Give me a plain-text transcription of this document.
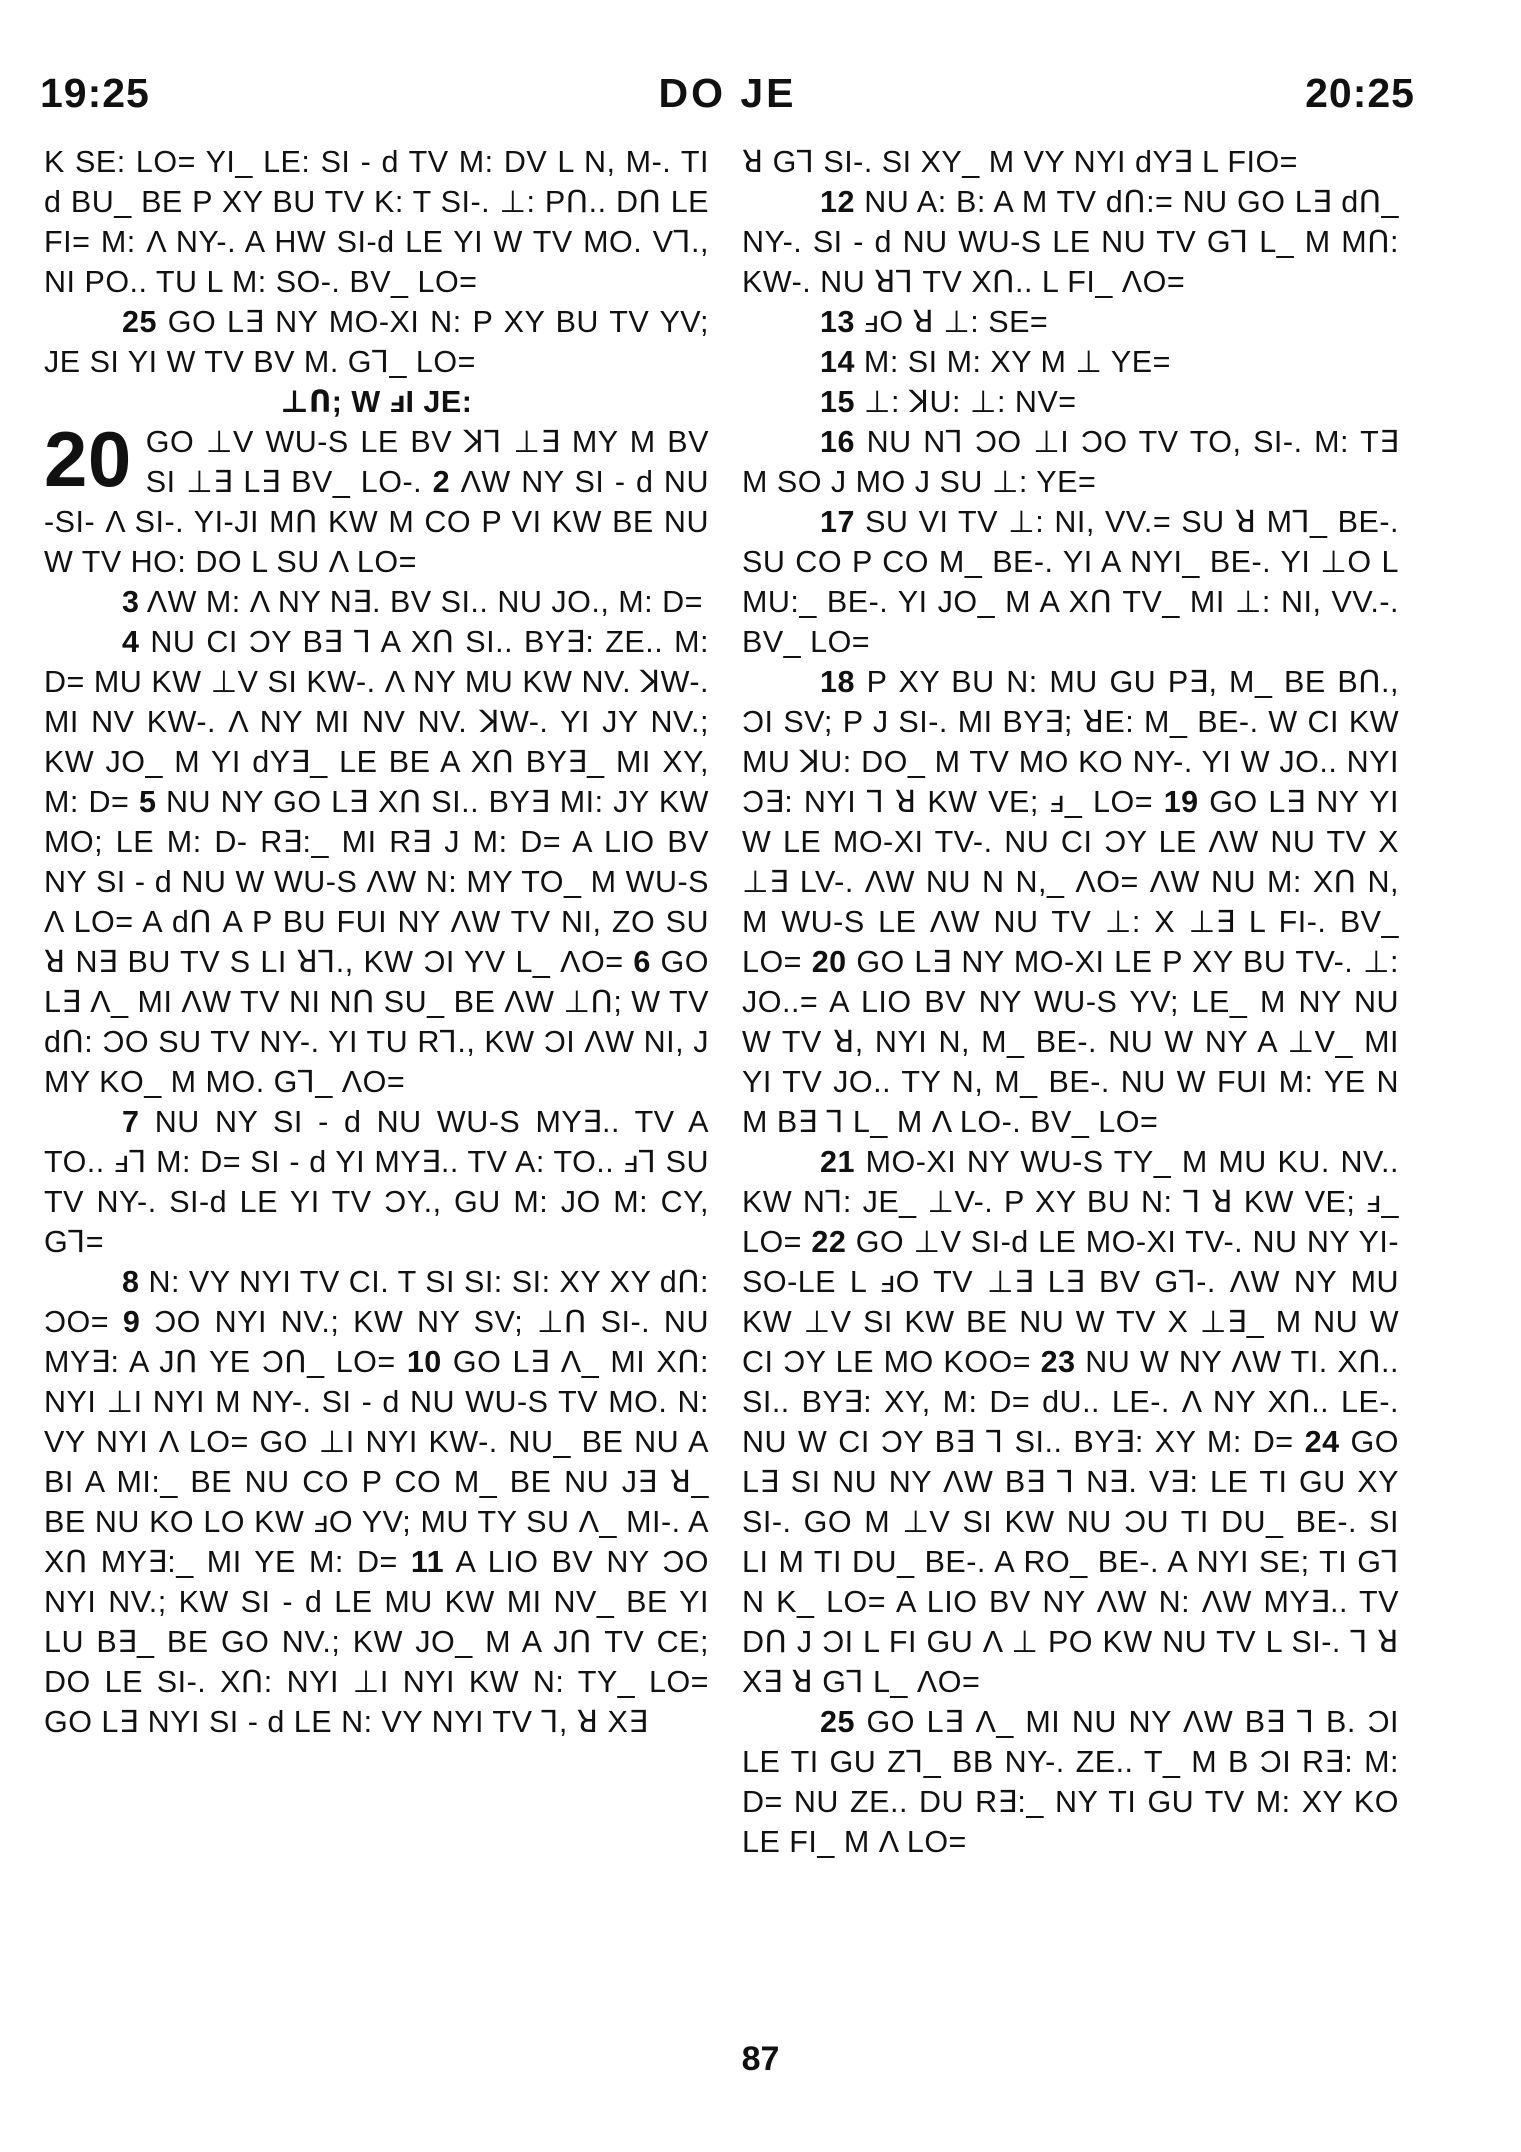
19:25	DO JE	20:25

K SE: LO= YI_ LE: SI - d TV M: DV L N, M-. TI d BU_ BE P XY BU TV K: T SI-. ⊥: PՈ.. DՈ LE FI= M: Λ NY-. A HW SI-d LE YI W TV MO. V⅂., NI PO.. TU L M: SO-. BV_ LO=

25 GO L∃ NY MO-XI N: P XY BU TV YV; JE SI YI W TV BV M. G⅂_ LO=

⊥Ո; W ⅎI JE:

20 GO ⊥V WU-S LE BV ꓘ⅂ ⊥∃ MY M BV SI ⊥∃ L∃ BV_ LO-. 2 ΛW NY SI - d NU -SI- Λ SI-. YI-JI MՈ KW M CO P VI KW BE NU W TV HO: DO L SU Λ LO=

3 ΛW M: Λ NY N∃. BV SI.. NU JO., M: D=

4 NU CI ƆY B∃ ⅂ A XՈ SI.. BY∃: ZE.. M: D= MU KW ⊥V SI KW-. Λ NY MU KW NV. ꓘW-. MI NV KW-. Λ NY MI NV NV. ꓘW-. YI JY NV.; KW JO_ M YI dY∃_ LE BE A XՈ BY∃_ MI XY, M: D= 5 NU NY GO L∃ XՈ SI.. BY∃ MI: JY KW MO; LE M: D- R∃:_ MI R∃ J M: D= A LIO BV NY SI - d NU W WU-S ΛW N: MY TO_ M WU-S Λ LO= A dՈ A P BU FUI NY ΛW TV NI, ZO SU ꓤ N∃ BU TV S LI ꓤ⅂., KW ƆI YV L_ ΛO= 6 GO L∃ Λ_ MI ΛW TV NI NՈ SU_ BE ΛW ⊥Ո; W TV dՈ: ƆO SU TV NY-. YI TU R⅂., KW ƆI ΛW NI, J MY KO_ M MO. G⅂_ ΛO=

7 NU NY SI - d NU WU-S MY∃.. TV A TO.. ⅎ⅂ M: D= SI - d YI MY∃.. TV A: TO.. ⅎ⅂ SU TV NY-. SI-d LE YI TV ƆY., GU M: JO M: CY, G⅂=

8 N: VY NYI TV CI. T SI SI: SI: XY XY dՈ: ƆO= 9 ƆO NYI NV.; KW NY SV; ⊥Ո SI-. NU MY∃: A JՈ YE ƆՈ_ LO= 10 GO L∃ Λ_ MI XՈ: NYI ⊥I NYI M NY-. SI - d NU WU-S TV MO. N: VY NYI Λ LO= GO ⊥I NYI KW-. NU_ BE NU A BI A MI:_ BE NU CO P CO M_ BE NU J∃ ꓤ_ BE NU KO LO KW ⅎO YV; MU TY SU Λ_ MI-. A XՈ MY∃:_ MI YE M: D= 11 A LIO BV NY ƆO NYI NV.; KW SI - d LE MU KW MI NV_ BE YI LU B∃_ BE GO NV.; KW JO_ M A JՈ TV CE; DO LE SI-. XՈ: NYI ⊥I NYI KW N: TY_ LO= GO L∃ NYI SI - d LE N: VY NYI TV ⅂, ꓤ X∃

ꓤ G⅂ SI-. SI XY_ M VY NYI dY∃ L FIO=

12 NU A: B: A M TV dՈ:= NU GO L∃ dՈ_ NY-. SI - d NU WU-S LE NU TV G⅂ L_ M MՈ: KW-. NU ꓤ⅂ TV XՈ.. L FI_ ΛO=

13 ⅎO ꓤ ⊥: SE=

14 M: SI M: XY M ⊥ YE=

15 ⊥: ꓘU: ⊥: NV=

16 NU N⅂ ƆO ⊥I ƆO TV TO, SI-. M: T∃ M SO J MO J SU ⊥: YE=

17 SU VI TV ⊥: NI, VV.= SU ꓤ M⅂_ BE-. SU CO P CO M_ BE-. YI A NYI_ BE-. YI ⊥O L MU:_ BE-. YI JO_ M A XՈ TV_ MI ⊥: NI, VV.-. BV_ LO=

18 P XY BU N: MU GU P∃, M_ BE BՈ., ƆI SV; P J SI-. MI BY∃; ꓤE: M_ BE-. W CI KW MU ꓘU: DO_ M TV MO KO NY-. YI W JO.. NYI Ɔ∃: NYI ⅂ ꓤ KW VE; ⅎ_ LO= 19 GO L∃ NY YI W LE MO-XI TV-. NU CI ƆY LE ΛW NU TV X ⊥∃ LV-. ΛW NU N N,_ ΛO= ΛW NU M: XՈ N, M WU-S LE ΛW NU TV ⊥: X ⊥∃ L FI-. BV_ LO= 20 GO L∃ NY MO-XI LE P XY BU TV-. ⊥: JO..= A LIO BV NY WU-S YV; LE_ M NY NU W TV ꓤ, NYI N, M_ BE-. NU W NY A ⊥V_ MI YI TV JO.. TY N, M_ BE-. NU W FUI M: YE N M B∃ ⅂ L_ M Λ LO-. BV_ LO=

21 MO-XI NY WU-S TY_ M MU KU. NV.. KW N⅂: JE_ ⊥V-. P XY BU N: ⅂ ꓤ KW VE; ⅎ_ LO= 22 GO ⊥V SI-d LE MO-XI TV-. NU NY YI-SO-LE L ⅎO TV ⊥∃ L∃ BV G⅂-. ΛW NY MU KW ⊥V SI KW BE NU W TV X ⊥∃_ M NU W CI ƆY LE MO KOO= 23 NU W NY ΛW TI. XՈ.. SI.. BY∃: XY, M: D= dU.. LE-. Λ NY XՈ.. LE-. NU W CI ƆY B∃ ⅂ SI.. BY∃: XY M: D= 24 GO L∃ SI NU NY ΛW B∃ ⅂ N∃. V∃: LE TI GU XY SI-. GO M ⊥V SI KW NU ƆU TI DU_ BE-. SI LI M TI DU_ BE-. A RO_ BE-. A NYI SE; TI G⅂ N K_ LO= A LIO BV NY ΛW N: ΛW MY∃.. TV DՈ J ƆI L FI GU Λ ⊥ PO KW NU TV L SI-. ⅂ ꓤ X∃ ꓤ G⅂ L_ ΛO=

25 GO L∃ Λ_ MI NU NY ΛW B∃ ⅂ B. ƆI LE TI GU Z⅂_ BB NY-. ZE.. T_ M B ƆI R∃: M: D= NU ZE.. DU R∃:_ NY TI GU TV M: XY KO LE FI_ M Λ LO=

87
